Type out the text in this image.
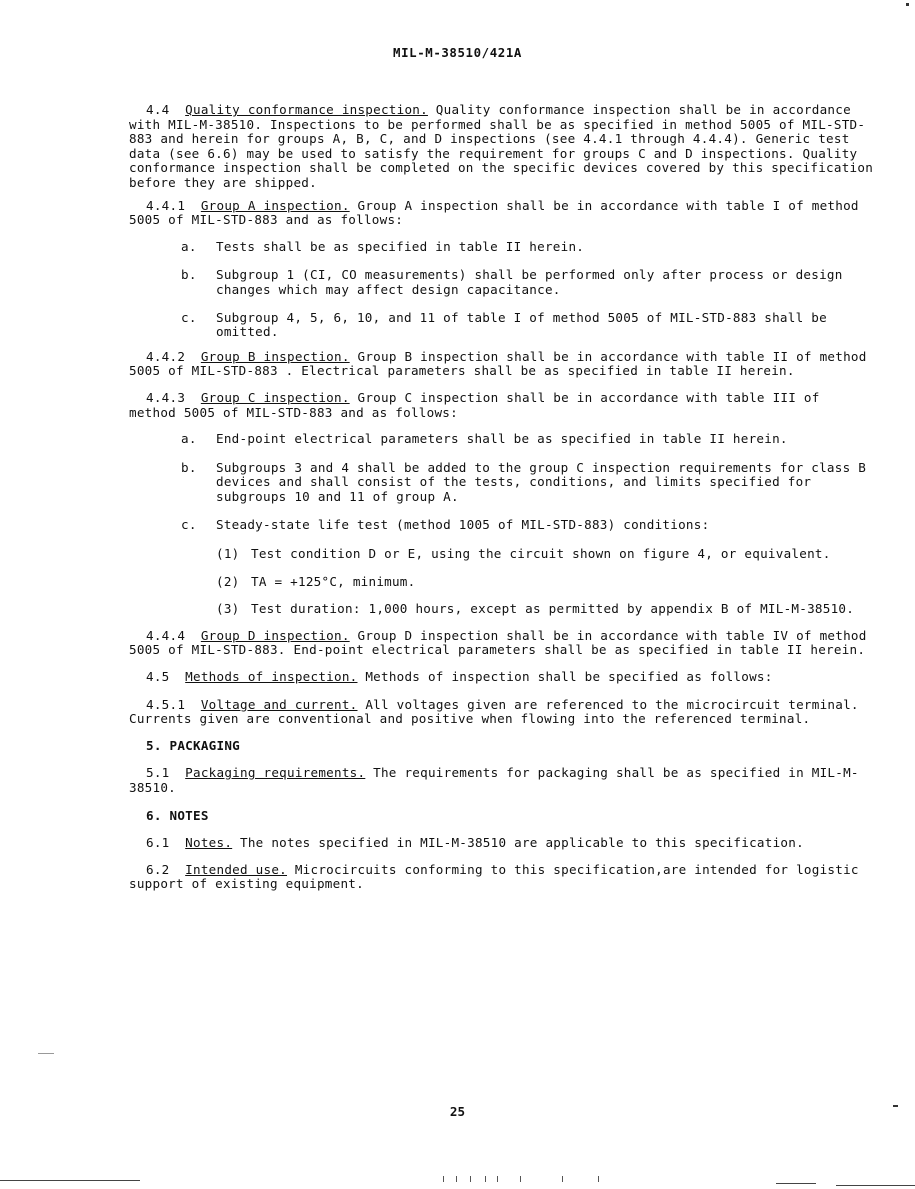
MIL-M-38510/421A

4.4 Quality conformance inspection. Quality conformance inspection shall be in accordance with MIL-M-38510. Inspections to be performed shall be as specified in method 5005 of MIL-STD-883 and herein for groups A, B, C, and D inspections (see 4.4.1 through 4.4.4). Generic test data (see 6.6) may be used to satisfy the requirement for groups C and D inspections. Quality conformance inspection shall be completed on the specific devices covered by this specification before they are shipped.

4.4.1 Group A inspection. Group A inspection shall be in accordance with table I of method 5005 of MIL-STD-883 and as follows:

a. Tests shall be as specified in table II herein.
b. Subgroup 1 (CI, CO measurements) shall be performed only after process or design changes which may affect design capacitance.
c. Subgroup 4, 5, 6, 10, and 11 of table I of method 5005 of MIL-STD-883 shall be omitted.

4.4.2 Group B inspection. Group B inspection shall be in accordance with table II of method 5005 of MIL-STD-883 . Electrical parameters shall be as specified in table II herein.

4.4.3 Group C inspection. Group C inspection shall be in accordance with table III of method 5005 of MIL-STD-883 and as follows:

a. End-point electrical parameters shall be as specified in table II herein.
b. Subgroups 3 and 4 shall be added to the group C inspection requirements for class B devices and shall consist of the tests, conditions, and limits specified for subgroups 10 and 11 of group A.
c. Steady-state life test (method 1005 of MIL-STD-883) conditions:
(1) Test condition D or E, using the circuit shown on figure 4, or equivalent.
(2) TA = +125°C, minimum.
(3) Test duration: 1,000 hours, except as permitted by appendix B of MIL-M-38510.

4.4.4 Group D inspection. Group D inspection shall be in accordance with table IV of method 5005 of MIL-STD-883. End-point electrical parameters shall be as specified in table II herein.

4.5 Methods of inspection. Methods of inspection shall be specified as follows:

4.5.1 Voltage and current. All voltages given are referenced to the microcircuit terminal. Currents given are conventional and positive when flowing into the referenced terminal.

5. PACKAGING

5.1 Packaging requirements. The requirements for packaging shall be as specified in MIL-M-38510.

6. NOTES

6.1 Notes. The notes specified in MIL-M-38510 are applicable to this specification.

6.2 Intended use. Microcircuits conforming to this specification,are intended for logistic support of existing equipment.

25
